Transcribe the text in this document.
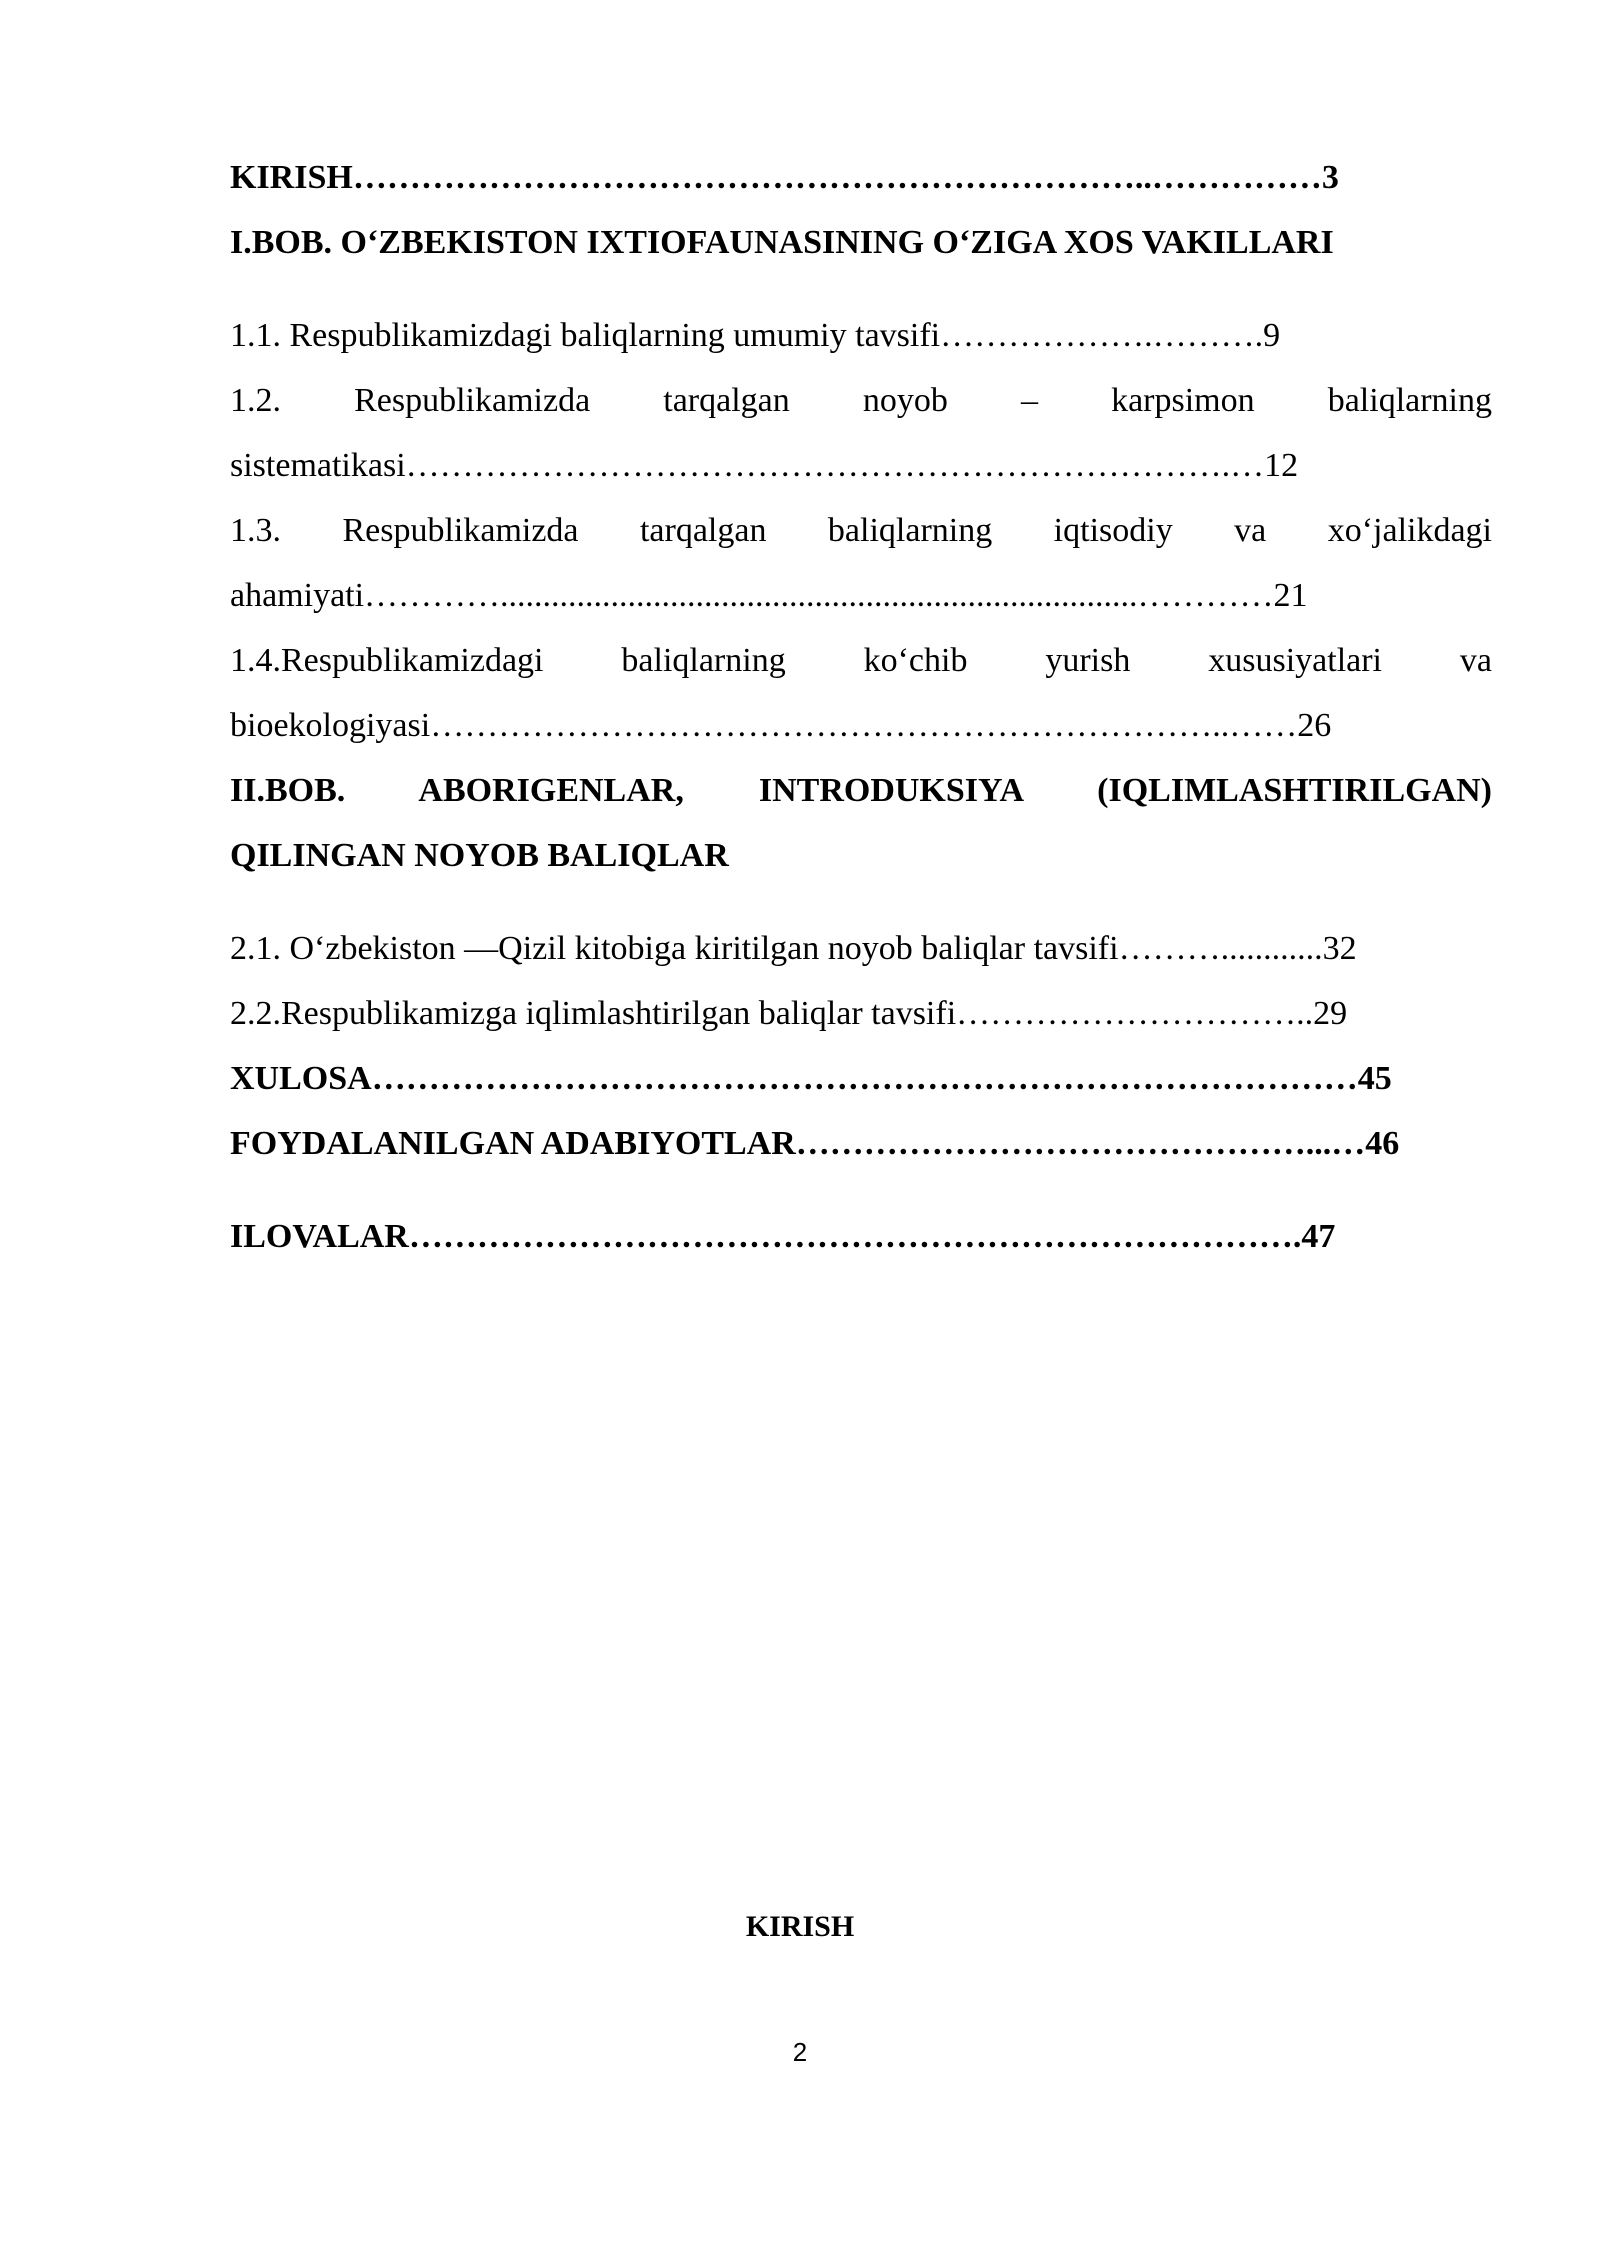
KIRISH……………………………………………………………..……………3
I.BOB. O‘ZBEKISTON IXTIOFAUNASINING O‘ZIGA XOS VAKILLARI
1.1. Respublikamizdagi baliqlarning umumiy tavsifi……………….……….9
1.2. Respublikamizda tarqalgan noyob – karpsimon baliqlarning
sistematikasi……………………………………………………………….…12
1.3. Respublikamizda tarqalgan baliqlarning iqtisodiy va xo‘jalikdagi
ahamiyati…………...........................................................................…………21
1.4.Respublikamizdagi baliqlarning ko‘chib yurish xususiyatlari va
bioekologiyasi……………………………………………………………..……26
II.BOB. ABORIGENLAR, INTRODUKSIYA (IQLIMLASHTIRILGAN)
QILINGAN NOYOB BALIQLAR
2.1. O‘zbekiston ―Qizil kitobiga kiritilgan noyob baliqlar tavsifi………............32
2.2.Respublikamizga iqlimlashtirilgan baliqlar tavsifi…………………………..29
XULOSA……………………………………………………………………………45
FOYDALANILGAN ADABIYOTLAR………………………………………...…46
ILOVALAR…………………………………………………………………….47
KIRISH
2
